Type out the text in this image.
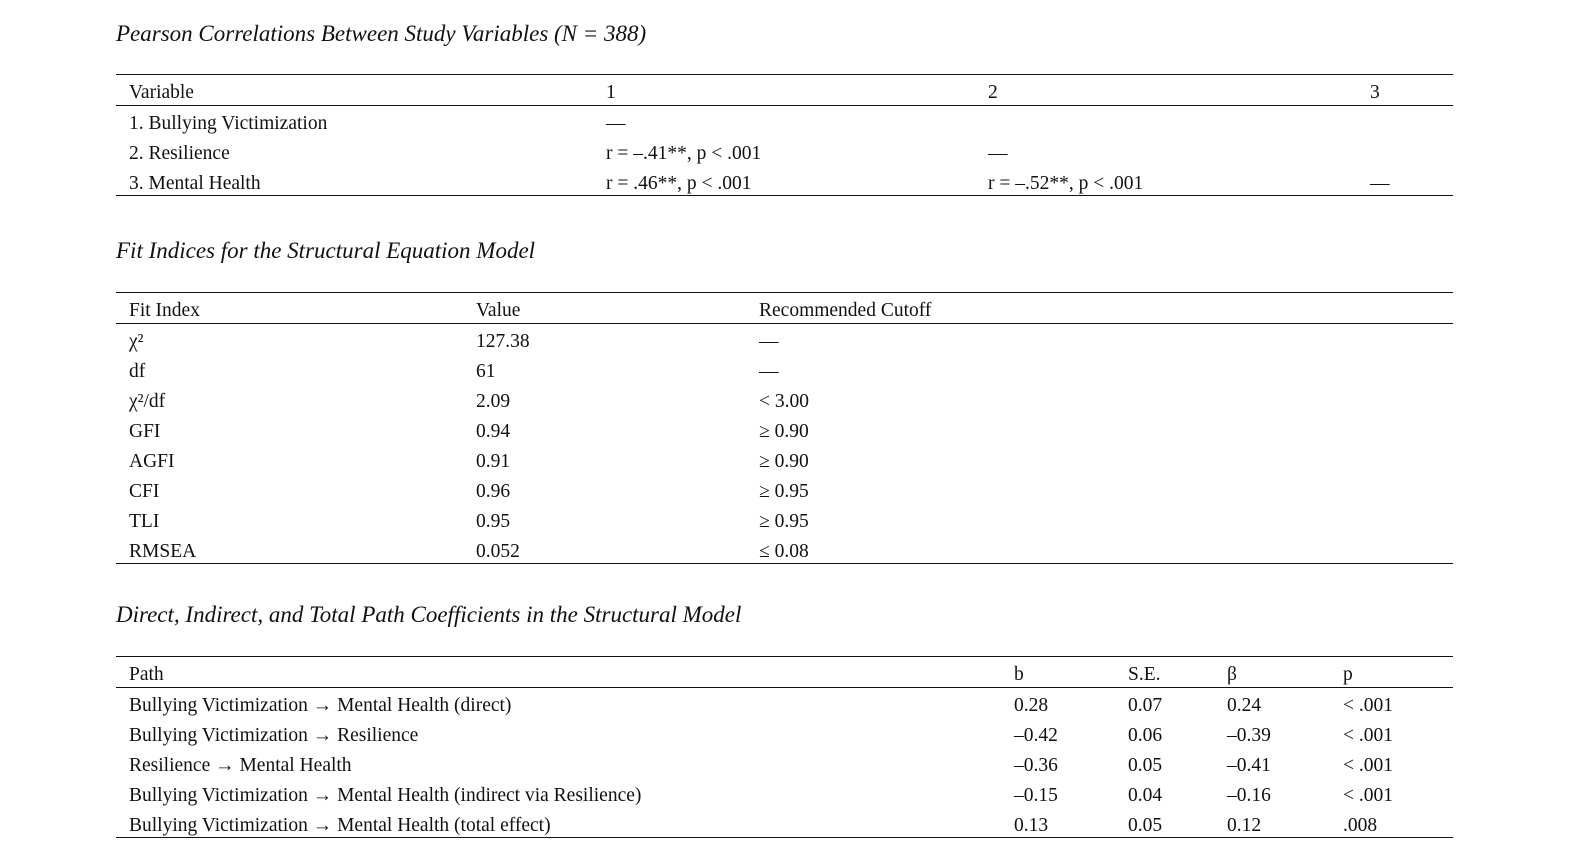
Pearson Correlations Between Study Variables (N = 388)
Variable	1	2	3
1. Bullying Victimization	—		
2. Resilience	r = –.41**, p < .001	—	
3. Mental Health	r = .46**, p < .001	r = –.52**, p < .001	—
Fit Indices for the Structural Equation Model
Fit Index	Value	Recommended Cutoff
χ²	127.38	—
df	61	—
χ²/df	2.09	< 3.00
GFI	0.94	≥ 0.90
AGFI	0.91	≥ 0.90
CFI	0.96	≥ 0.95
TLI	0.95	≥ 0.95
RMSEA	0.052	≤ 0.08
Direct, Indirect, and Total Path Coefficients in the Structural Model
Path	b	S.E.	β	p
Bullying Victimization → Mental Health (direct)	0.28	0.07	0.24	< .001
Bullying Victimization → Resilience	–0.42	0.06	–0.39	< .001
Resilience → Mental Health	–0.36	0.05	–0.41	< .001
Bullying Victimization → Mental Health (indirect via Resilience)	–0.15	0.04	–0.16	< .001
Bullying Victimization → Mental Health (total effect)	0.13	0.05	0.12	.008
